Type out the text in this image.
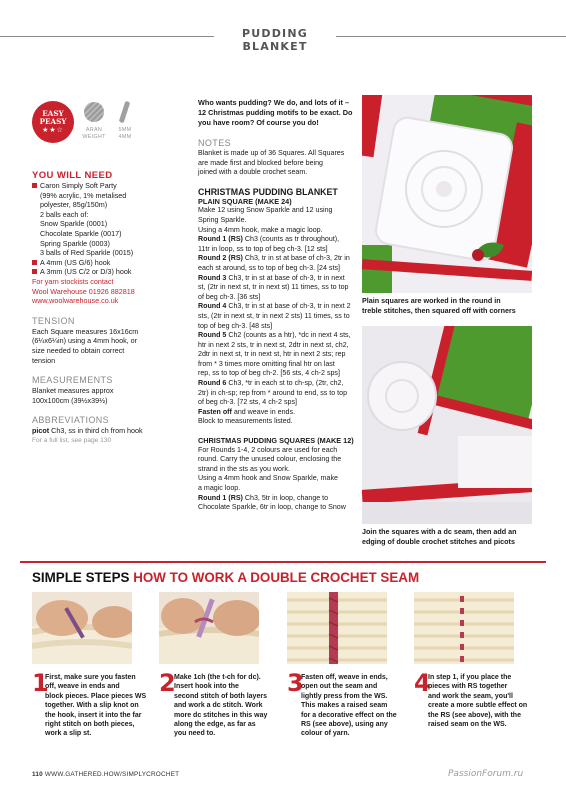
PUDDING BLANKET
EASY
PEASY
★★☆	ARAN
WEIGHT
5MM
4MM
YOU WILL NEED
Caron Simply Soft Party
(99% acrylic, 1% metalised
polyester, 85g/150m)
2 balls each of:
Snow Sparkle (0001)
Chocolate Sparkle (0017)
Spring Sparkle (0003)
3 balls of Red Sparkle (0015)
A 4mm (US G/6) hook
A 3mm (US C/2 or D/3) hook
For yarn stockists contact
Wool Warehouse 01926 882818
www.woolwarehouse.co.uk
TENSION
Each Square measures 16x16cm
(6¼x6¼in) using a 4mm hook, or
size needed to obtain correct
tension
MEASUREMENTS
Blanket measures approx
100x100cm (39½x39½)
ABBREVIATIONS
picot Ch3, ss in third ch from hook
For a full list, see page 130
Who wants pudding? We do, and lots of it –
12 Christmas pudding motifs to be exact. Do
you have room? Of course you do!
NOTES
Blanket is made up of 36 Squares. All Squares
are made first and blocked before being
joined with a double crochet seam.
CHRISTMAS PUDDING BLANKET
PLAIN SQUARE (MAKE 24)
Make 12 using Snow Sparkle and 12 using
Spring Sparkle.
Using a 4mm hook, make a magic loop.
Round 1 (RS) Ch3 (counts as tr throughout),
11tr in loop, ss to top of beg ch-3. [12 sts]
Round 2 (RS) Ch3, tr in st at base of ch-3, 2tr in
each st around, ss to top of beg ch-3. [24 sts]
Round 3 Ch3, tr in st at base of ch-3, tr in next
st, (2tr in next st, tr in next st) 11 times, ss to top
of beg ch-3. [36 sts]
Round 4 Ch3, tr in st at base of ch-3, tr in next 2
sts, (2tr in next st, tr in next 2 sts) 11 times, ss to
top of beg ch-3. [48 sts]
Round 5 Ch2 (counts as a htr), *dc in next 4 sts,
htr in next 2 sts, tr in next st, 2dtr in next st, ch2,
2dtr in next st, tr in next st, htr in next 2 sts; rep
from * 3 times more omitting final htr on last
rep, ss to top of beg ch-2. [56 sts, 4 ch-2 sps]
Round 6 Ch3, *tr in each st to ch-sp, (2tr, ch2,
2tr) in ch-sp; rep from * around to end, ss to top
of beg ch-3. [72 sts, 4 ch-2 sps]
Fasten off and weave in ends.
Block to measurements listed.
CHRISTMAS PUDDING SQUARES (MAKE 12)
For Rounds 1-4, 2 colours are used for each
round. Carry the unused colour, enclosing the
strand in the sts as you work.
Using a 4mm hook and Snow Sparkle, make
a magic loop.
Round 1 (RS) Ch3, 5tr in loop, change to
Chocolate Sparkle, 6tr in loop, change to Snow
Plain squares are worked in the round in
treble stitches, then squared off with corners
Join the squares with a dc seam, then add an
edging of double crochet stitches and picots
SIMPLE STEPS HOW TO WORK A DOUBLE CROCHET SEAM
1
First, make sure you fasten
off, weave in ends and
block pieces. Place pieces WS
together. With a slip knot on
the hook, insert it into the far
right stitch on both pieces,
work a slip st.
2
Make 1ch (the t-ch for dc).
Insert hook into the
second stitch of both layers
and work a dc stitch. Work
more dc stitches in this way
along the edge, as far as
you need to.
3
Fasten off, weave in ends,
open out the seam and
lightly press from the WS.
This makes a raised seam
for a decorative effect on the
RS (see above), using any
colour of yarn.
4
In step 1, if you place the
pieces with RS together
and work the seam, you'll
create a more subtle effect on
the RS (see above), with the
raised seam on the WS.
110 WWW.GATHERED.HOW/SIMPLYCROCHET	PassionForum.ru
